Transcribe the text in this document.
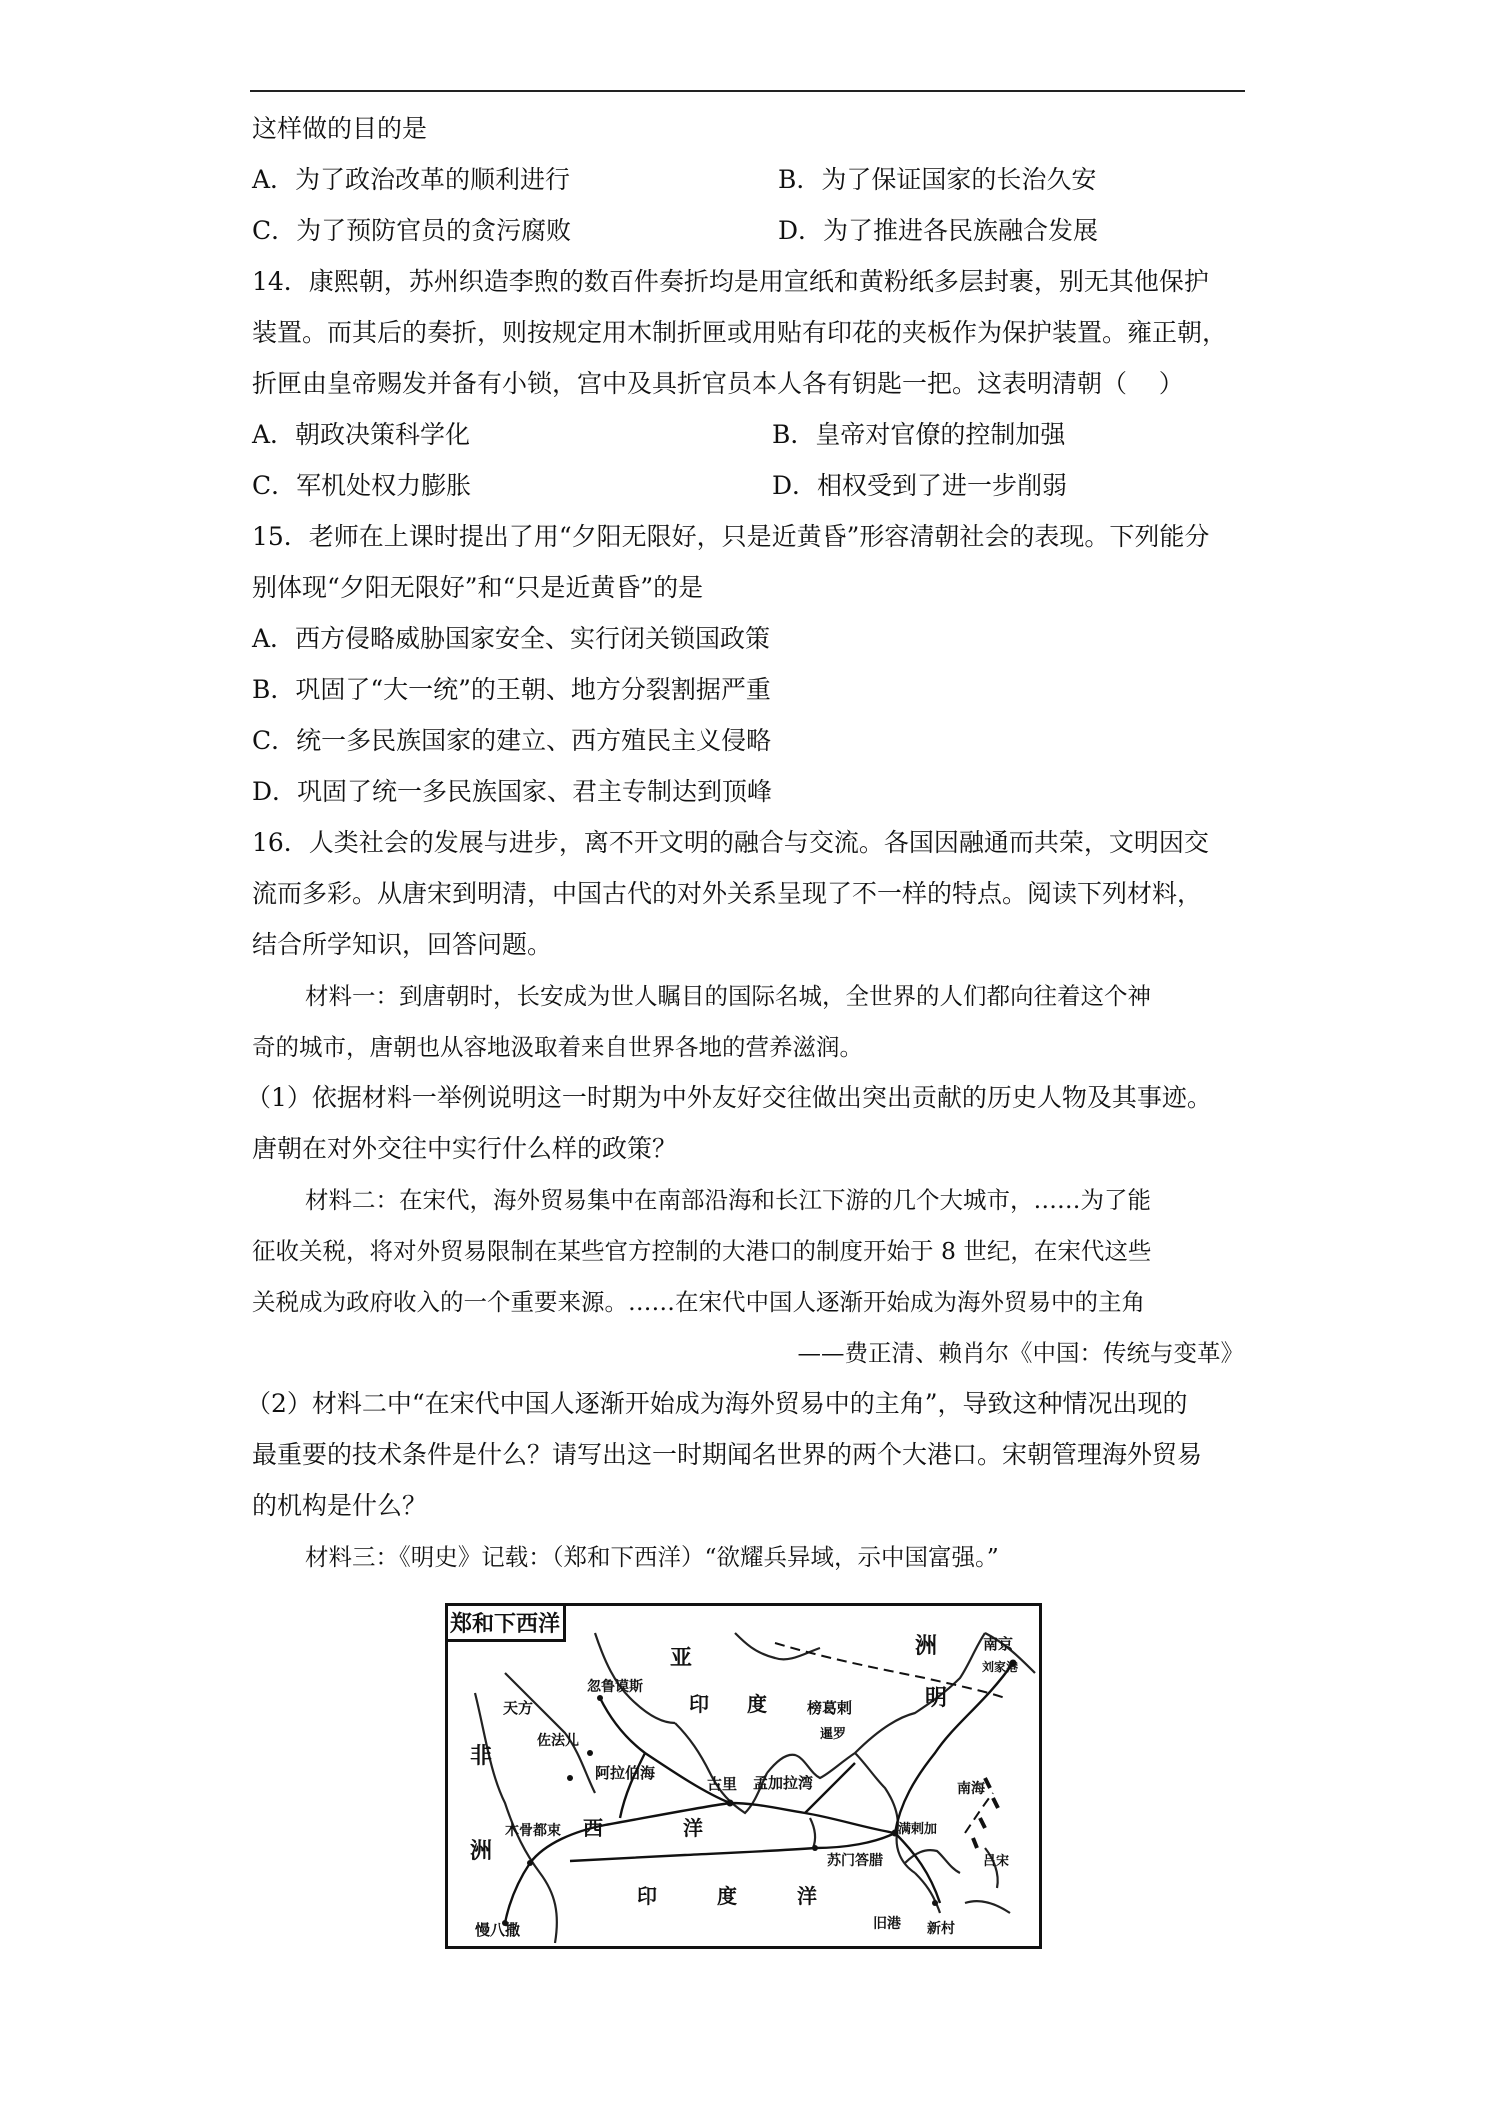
这样做的目的是
A．为了政治改革的顺利进行	B．为了保证国家的长治久安
C．为了预防官员的贪污腐败	D．为了推进各民族融合发展
14．康熙朝，苏州织造李煦的数百件奏折均是用宣纸和黄粉纸多层封裹，别无其他保护
装置。而其后的奏折，则按规定用木制折匣或用贴有印花的夹板作为保护装置。雍正朝，
折匣由皇帝赐发并备有小锁，宫中及具折官员本人各有钥匙一把。这表明清朝（    ）
A．朝政决策科学化	B．皇帝对官僚的控制加强
C．军机处权力膨胀	D．相权受到了进一步削弱
15．老师在上课时提出了用“夕阳无限好，只是近黄昏”形容清朝社会的表现。下列能分
别体现“夕阳无限好”和“只是近黄昏”的是
A．西方侵略威胁国家安全、实行闭关锁国政策
B．巩固了“大一统”的王朝、地方分裂割据严重
C．统一多民族国家的建立、西方殖民主义侵略
D．巩固了统一多民族国家、君主专制达到顶峰
16．人类社会的发展与进步，离不开文明的融合与交流。各国因融通而共荣，文明因交
流而多彩。从唐宋到明清，中国古代的对外关系呈现了不一样的特点。阅读下列材料，
结合所学知识，回答问题。
材料一：到唐朝时，长安成为世人瞩目的国际名城，全世界的人们都向往着这个神
奇的城市，唐朝也从容地汲取着来自世界各地的营养滋润。
（1）依据材料一举例说明这一时期为中外友好交往做出突出贡献的历史人物及其事迹。
唐朝在对外交往中实行什么样的政策？
材料二：在宋代，海外贸易集中在南部沿海和长江下游的几个大城市，……为了能
征收关税，将对外贸易限制在某些官方控制的大港口的制度开始于 8 世纪，在宋代这些
关税成为政府收入的一个重要来源。……在宋代中国人逐渐开始成为海外贸易中的主角
——费正清、赖肖尔《中国：传统与变革》
（2）材料二中“在宋代中国人逐渐开始成为海外贸易中的主角”，导致这种情况出现的
最重要的技术条件是什么？请写出这一时期闻名世界的两个大港口。宋朝管理海外贸易
的机构是什么？
材料三：《明史》记载：（郑和下西洋）“欲耀兵异域，示中国富强。”
郑和下西洋
亚	洲
明
南京
刘家港
忽鲁谟斯
天方	印 度	榜葛剌
暹罗
非
洲
佐法儿
阿拉伯海
古里 孟加拉湾	南海
木骨都束 西	洋	满剌加
苏门答腊
慢八撒
印	度	洋
旧港 新村
吕宋
